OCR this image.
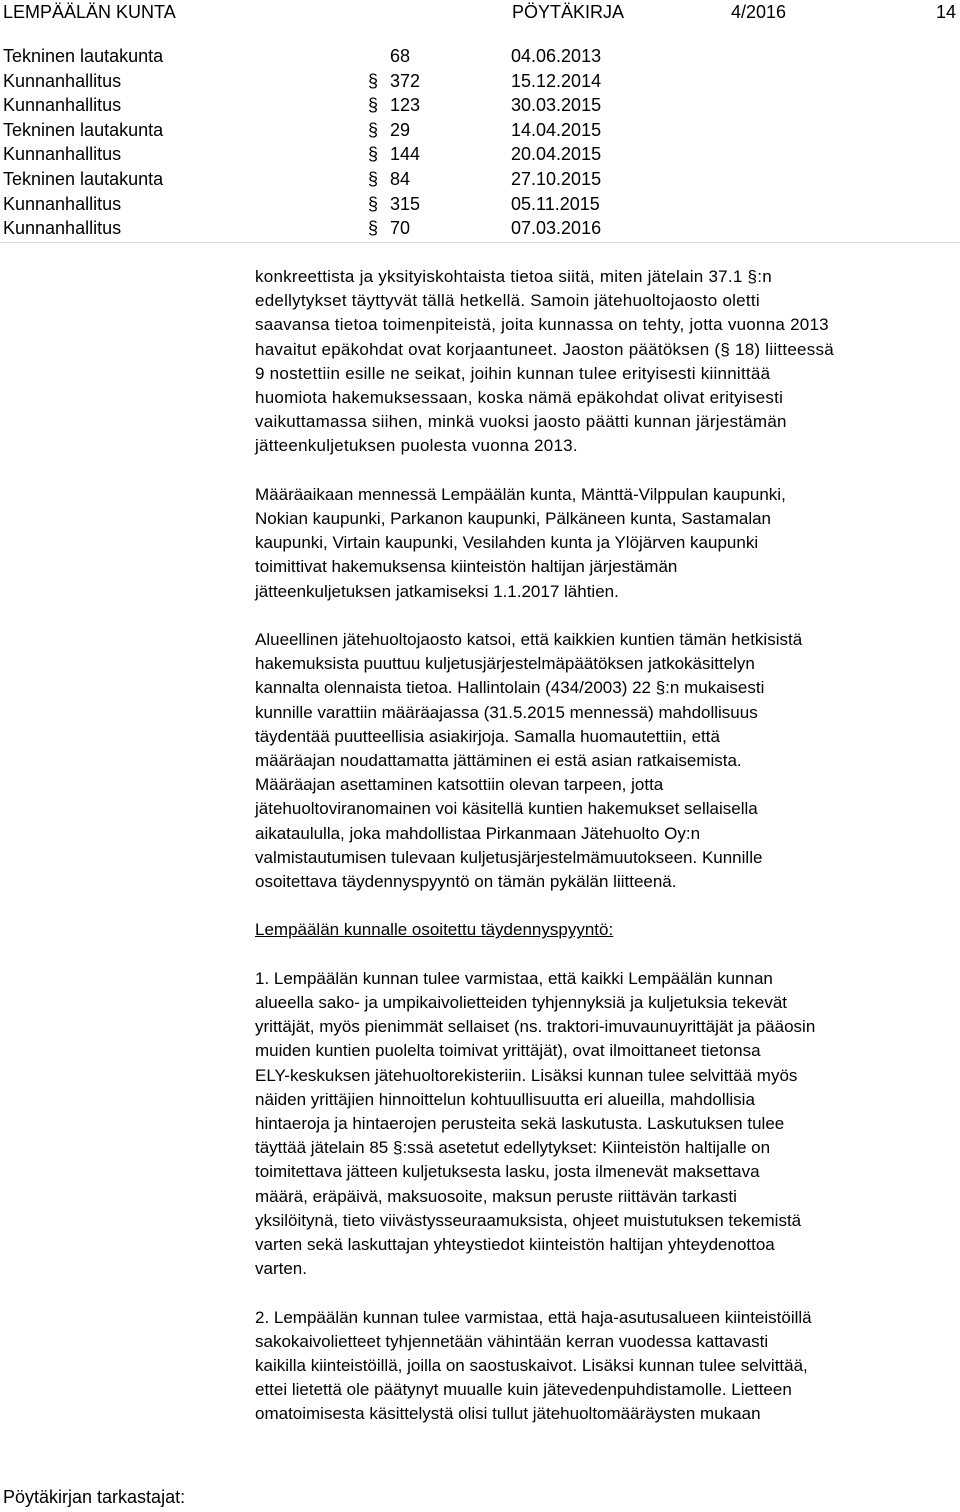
LEMPÄÄLÄN KUNTA	PÖYTÄKIRJA	4/2016	14
Tekninen lautakunta	68	04.06.2013
Kunnanhallitus	§ 372	15.12.2014
Kunnanhallitus	§ 123	30.03.2015
Tekninen lautakunta	§ 29	14.04.2015
Kunnanhallitus	§ 144	20.04.2015
Tekninen lautakunta	§ 84	27.10.2015
Kunnanhallitus	§ 315	05.11.2015
Kunnanhallitus	§ 70	07.03.2016

konkreettista ja yksityiskohtaista tietoa siitä, miten jätelain 37.1 §:n
edellytykset täyttyvät tällä hetkellä. Samoin jätehuoltojaosto oletti
saavansa tietoa toimenpiteistä, joita kunnassa on tehty, jotta vuonna 2013
havaitut epäkohdat ovat korjaantuneet. Jaoston päätöksen (§ 18) liitteessä
9 nostettiin esille ne seikat, joihin kunnan tulee erityisesti kiinnittää
huomiota hakemuksessaan, koska nämä epäkohdat olivat erityisesti
vaikuttamassa siihen, minkä vuoksi jaosto päätti kunnan järjestämän
jätteenkuljetuksen puolesta vuonna 2013.

Määräaikaan mennessä Lempäälän kunta, Mänttä-Vilppulan kaupunki,
Nokian kaupunki, Parkanon kaupunki, Pälkäneen kunta, Sastamalan
kaupunki, Virtain kaupunki, Vesilahden kunta ja Ylöjärven kaupunki
toimittivat hakemuksensa kiinteistön haltijan järjestämän
jätteenkuljetuksen jatkamiseksi 1.1.2017 lähtien.

Alueellinen jätehuoltojaosto katsoi, että kaikkien kuntien tämän hetkisistä
hakemuksista puuttuu kuljetusjärjestelmäpäätöksen jatkokäsittelyn
kannalta olennaista tietoa. Hallintolain (434/2003) 22 §:n mukaisesti
kunnille varattiin määräajassa (31.5.2015 mennessä) mahdollisuus
täydentää puutteellisia asiakirjoja. Samalla huomautettiin, että
määräajan noudattamatta jättäminen ei estä asian ratkaisemista.
Määräajan asettaminen katsottiin olevan tarpeen, jotta
jätehuoltoviranomainen voi käsitellä kuntien hakemukset sellaisella
aikataululla, joka mahdollistaa Pirkanmaan Jätehuolto Oy:n
valmistautumisen tulevaan kuljetusjärjestelmämuutokseen. Kunnille
osoitettava täydennyspyyntö on tämän pykälän liitteenä.

Lempäälän kunnalle osoitettu täydennyspyyntö:

1. Lempäälän kunnan tulee varmistaa, että kaikki Lempäälän kunnan
alueella sako- ja umpikaivolietteiden tyhjennyksiä ja kuljetuksia tekevät
yrittäjät, myös pienimmät sellaiset (ns. traktori-imuvaunuyrittäjät ja pääosin
muiden kuntien puolelta toimivat yrittäjät), ovat ilmoittaneet tietonsa
ELY-keskuksen jätehuoltorekisteriin. Lisäksi kunnan tulee selvittää myös
näiden yrittäjien hinnoittelun kohtuullisuutta eri alueilla, mahdollisia
hintaeroja ja hintaerojen perusteita sekä laskutusta. Laskutuksen tulee
täyttää jätelain 85 §:ssä asetetut edellytykset: Kiinteistön haltijalle on
toimitettava jätteen kuljetuksesta lasku, josta ilmenevät maksettava
määrä, eräpäivä, maksuosoite, maksun peruste riittävän tarkasti
yksilöitynä, tieto viivästysseuraamuksista, ohjeet muistutuksen tekemistä
varten sekä laskuttajan yhteystiedot kiinteistön haltijan yhteydenottoa
varten.

2. Lempäälän kunnan tulee varmistaa, että haja-asutusalueen kiinteistöillä
sakokaivolietteet tyhjennetään vähintään kerran vuodessa kattavasti
kaikilla kiinteistöillä, joilla on saostuskaivot. Lisäksi kunnan tulee selvittää,
ettei lietettä ole päätynyt muualle kuin jätevedenpuhdistamolle. Lietteen
omatoimisesta käsittelystä olisi tullut jätehuoltomääräysten mukaan

Pöytäkirjan tarkastajat:
